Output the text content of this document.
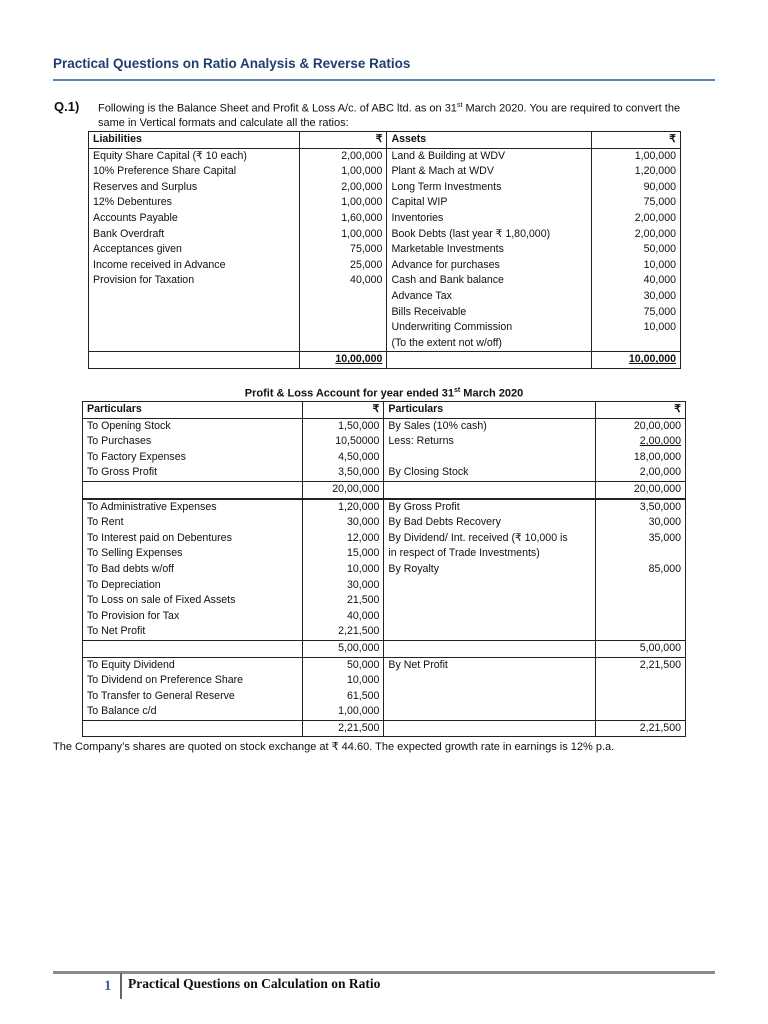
Practical Questions on Ratio Analysis & Reverse Ratios
Q.1) Following is the Balance Sheet and Profit & Loss A/c. of ABC ltd. as on 31st March 2020. You are required to convert the same in Vertical formats and calculate all the ratios:
Liabilities	₹	Assets	₹
Equity Share Capital (₹ 10 each)	2,00,000	Land & Building at WDV	1,00,000
10% Preference Share Capital	1,00,000	Plant & Mach at WDV	1,20,000
Reserves and Surplus	2,00,000	Long Term Investments	90,000
12% Debentures	1,00,000	Capital WIP	75,000
Accounts Payable	1,60,000	Inventories	2,00,000
Bank Overdraft	1,00,000	Book Debts (last year ₹ 1,80,000)	2,00,000
Acceptances given	75,000	Marketable Investments	50,000
Income received in Advance	25,000	Advance for purchases	10,000
Provision for Taxation	40,000	Cash and Bank balance	40,000
		Advance Tax	30,000
		Bills Receivable	75,000
		Underwriting Commission	10,000
		(To the extent not w/off)	
	10,00,000		10,00,000
Profit & Loss Account for year ended 31st March 2020
Particulars	₹	Particulars	₹
To Opening Stock	1,50,000	By Sales (10% cash)	20,00,000
To Purchases	10,50000	Less: Returns	2,00,000
To Factory Expenses	4,50,000		18,00,000
To Gross Profit	3,50,000	By Closing Stock	2,00,000
	20,00,000		20,00,000
To Administrative Expenses	1,20,000	By Gross Profit	3,50,000
To Rent	30,000	By Bad Debts Recovery	30,000
To Interest paid on Debentures	12,000	By Dividend/ Int. received (₹ 10,000 is	35,000
To Selling Expenses	15,000	in respect of Trade Investments)	
To Bad debts w/off	10,000	By Royalty	85,000
To Depreciation	30,000		
To Loss on sale of Fixed Assets	21,500		
To Provision for Tax	40,000		
To Net Profit	2,21,500		
	5,00,000		5,00,000
To Equity Dividend	50,000	By Net Profit	2,21,500
To Dividend on Preference Share	10,000		
To Transfer to General Reserve	61,500		
To Balance c/d	1,00,000		
	2,21,500		2,21,500
The Company’s shares are quoted on stock exchange at ₹ 44.60. The expected growth rate in earnings is 12% p.a.
1 Practical Questions on Calculation on Ratio
